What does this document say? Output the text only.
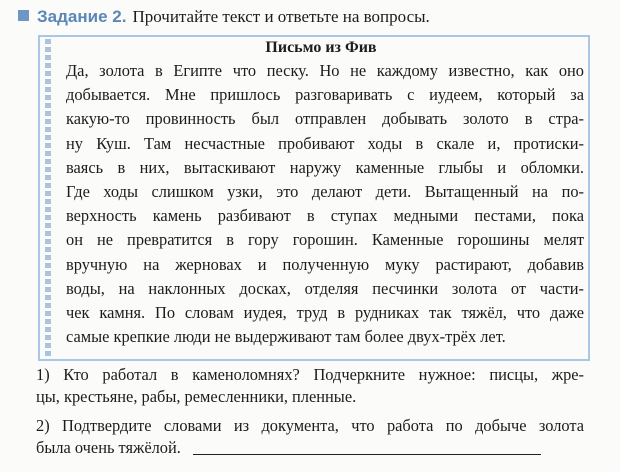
Задание 2. Прочитайте текст и ответьте на вопросы.
Письмо из Фив
Да, золота в Египте что песку. Но не каждому известно, как оно
добывается. Мне пришлось разговаривать с иудеем, который за
какую-то провинность был отправлен добывать золото в стра-
ну Куш. Там несчастные пробивают ходы в скале и, протиски-
ваясь в них, вытаскивают наружу каменные глыбы и обломки.
Где ходы слишком узки, это делают дети. Вытащенный на по-
верхность камень разбивают в ступах медными пестами, пока
он не превратится в гору горошин. Каменные горошины мелят
вручную на жерновах и полученную муку растирают, добавив
воды, на наклонных досках, отделяя песчинки золота от части-
чек камня. По словам иудея, труд в рудниках так тяжёл, что даже
самые крепкие люди не выдерживают там более двух-трёх лет.
1) Кто работал в каменоломнях? Подчеркните нужное: писцы, жре-
цы, крестьяне, рабы, ремесленники, пленные.
2) Подтвердите словами из документа, что работа по добыче золота
была очень тяжёлой.
